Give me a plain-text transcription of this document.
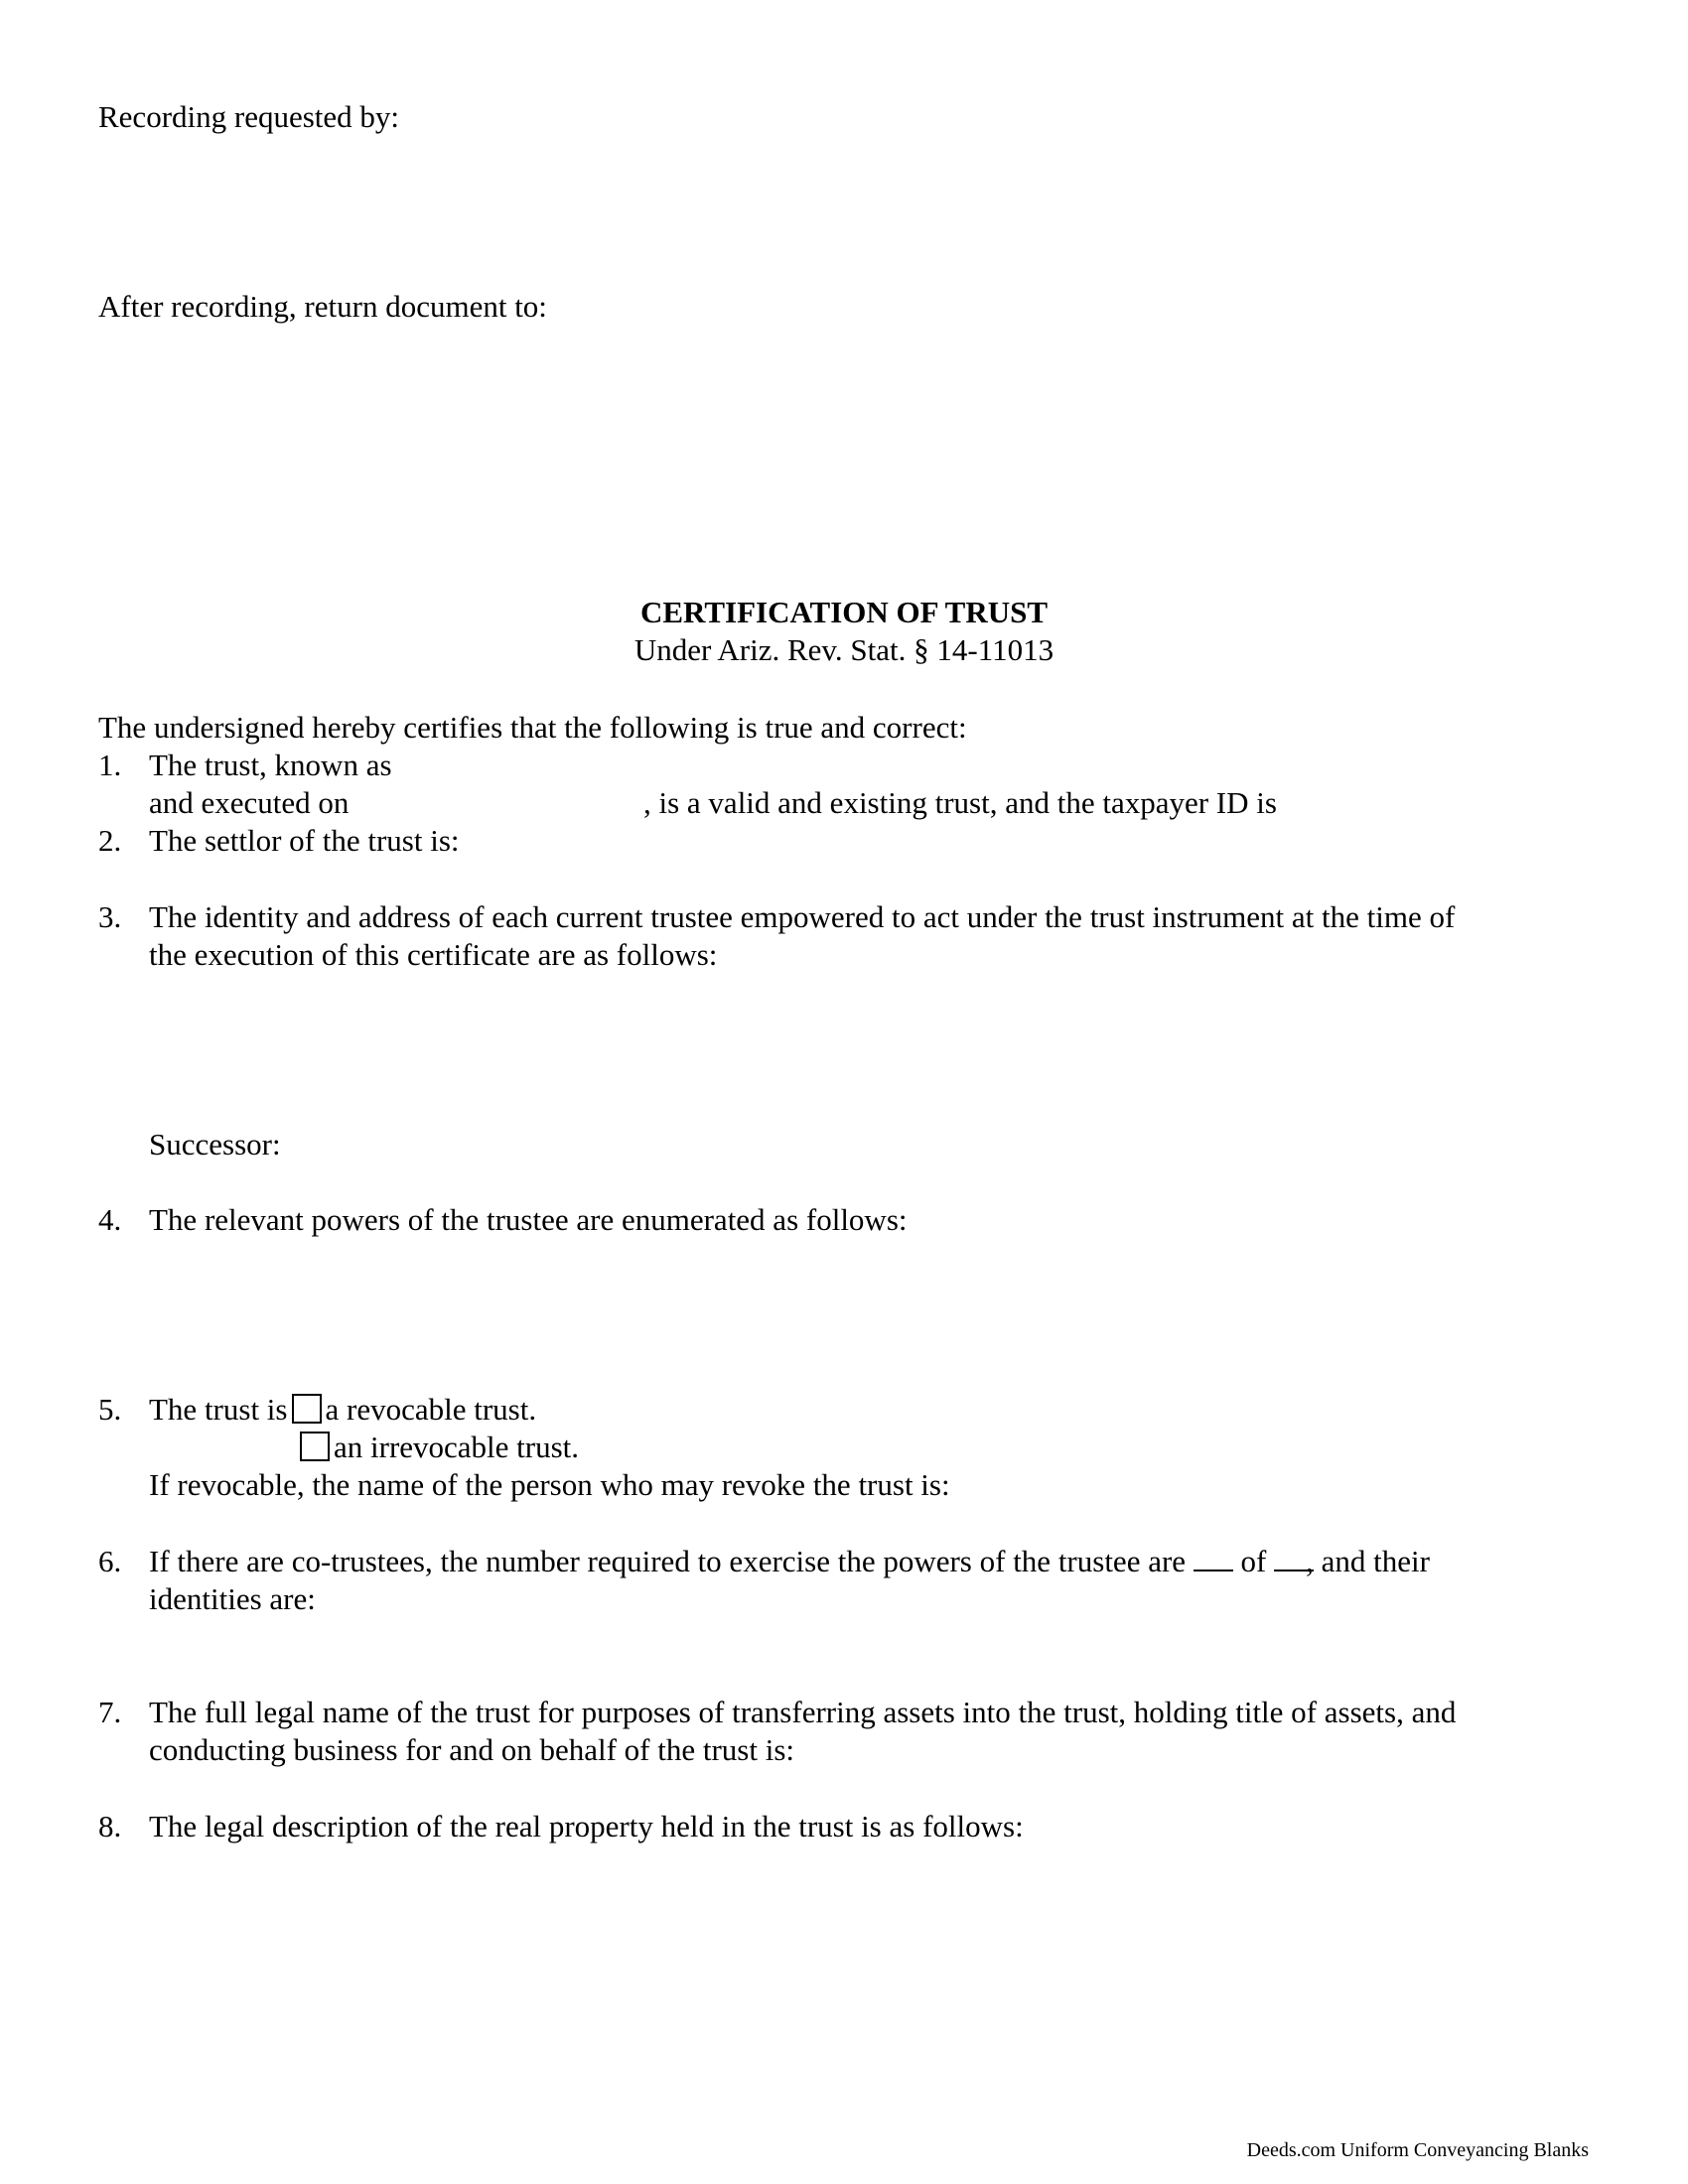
Recording requested by:
After recording, return document to:
CERTIFICATION OF TRUST
Under Ariz. Rev. Stat. § 14-11013
The undersigned hereby certifies that the following is true and correct:
1. The trust, known as
and executed on	, is a valid and existing trust, and the taxpayer ID is
2. The settlor of the trust is:
3. The identity and address of each current trustee empowered to act under the trust instrument at the time of
the execution of this certificate are as follows:
Successor:
4. The relevant powers of the trustee are enumerated as follows:
5. The trust is a revocable trust.
an irrevocable trust.
If revocable, the name of the person who may revoke the trust is:
6. If there are co-trustees, the number required to exercise the powers of the trustee are of , and their
identities are:
7. The full legal name of the trust for purposes of transferring assets into the trust, holding title of assets, and
conducting business for and on behalf of the trust is:
8. The legal description of the real property held in the trust is as follows:
Deeds.com Uniform Conveyancing Blanks
